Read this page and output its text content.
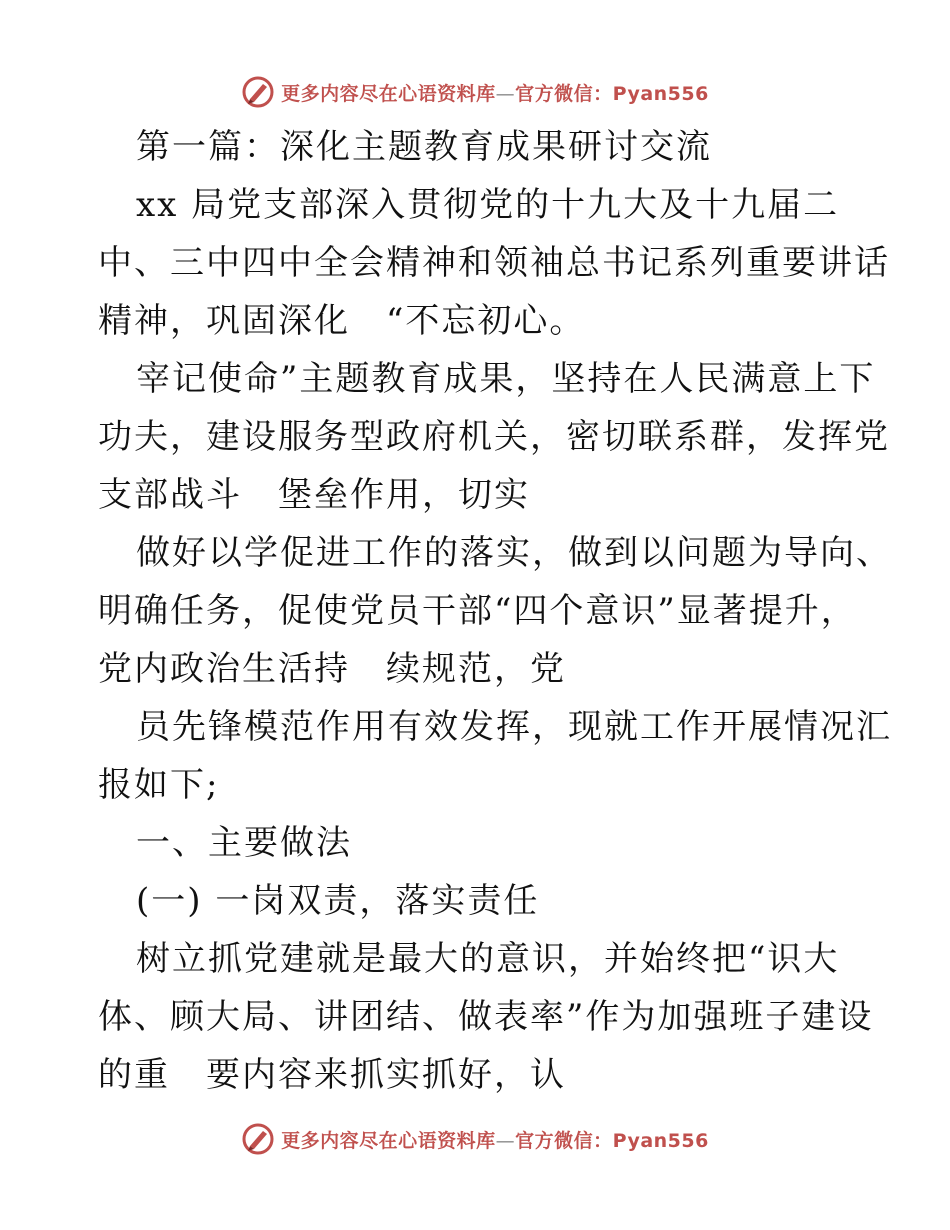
更多内容尽在心语资料库—官方微信：Pyan556
第一篇：深化主题教育成果研讨交流
xx 局党支部深入贯彻党的十九大及十九届二
中、三中四中全会精神和领袖总书记系列重要讲话
精神，巩固深化　“不忘初心。
宰记使命”主题教育成果，坚持在人民满意上下
功夫，建设服务型政府机关，密切联系群，发挥党
支部战斗　堡垒作用，切实
做好以学促进工作的落实，做到以问题为导向、
明确任务，促使党员干部“四个意识”显著提升，
党内政治生活持　续规范，党
员先锋模范作用有效发挥，现就工作开展情况汇
报如下;
一、主要做法
(一) 一岗双责，落实责任
树立抓党建就是最大的意识，并始终把“识大
体、顾大局、讲团结、做表率”作为加强班子建设
的重　要内容来抓实抓好，认
更多内容尽在心语资料库—官方微信：Pyan556
